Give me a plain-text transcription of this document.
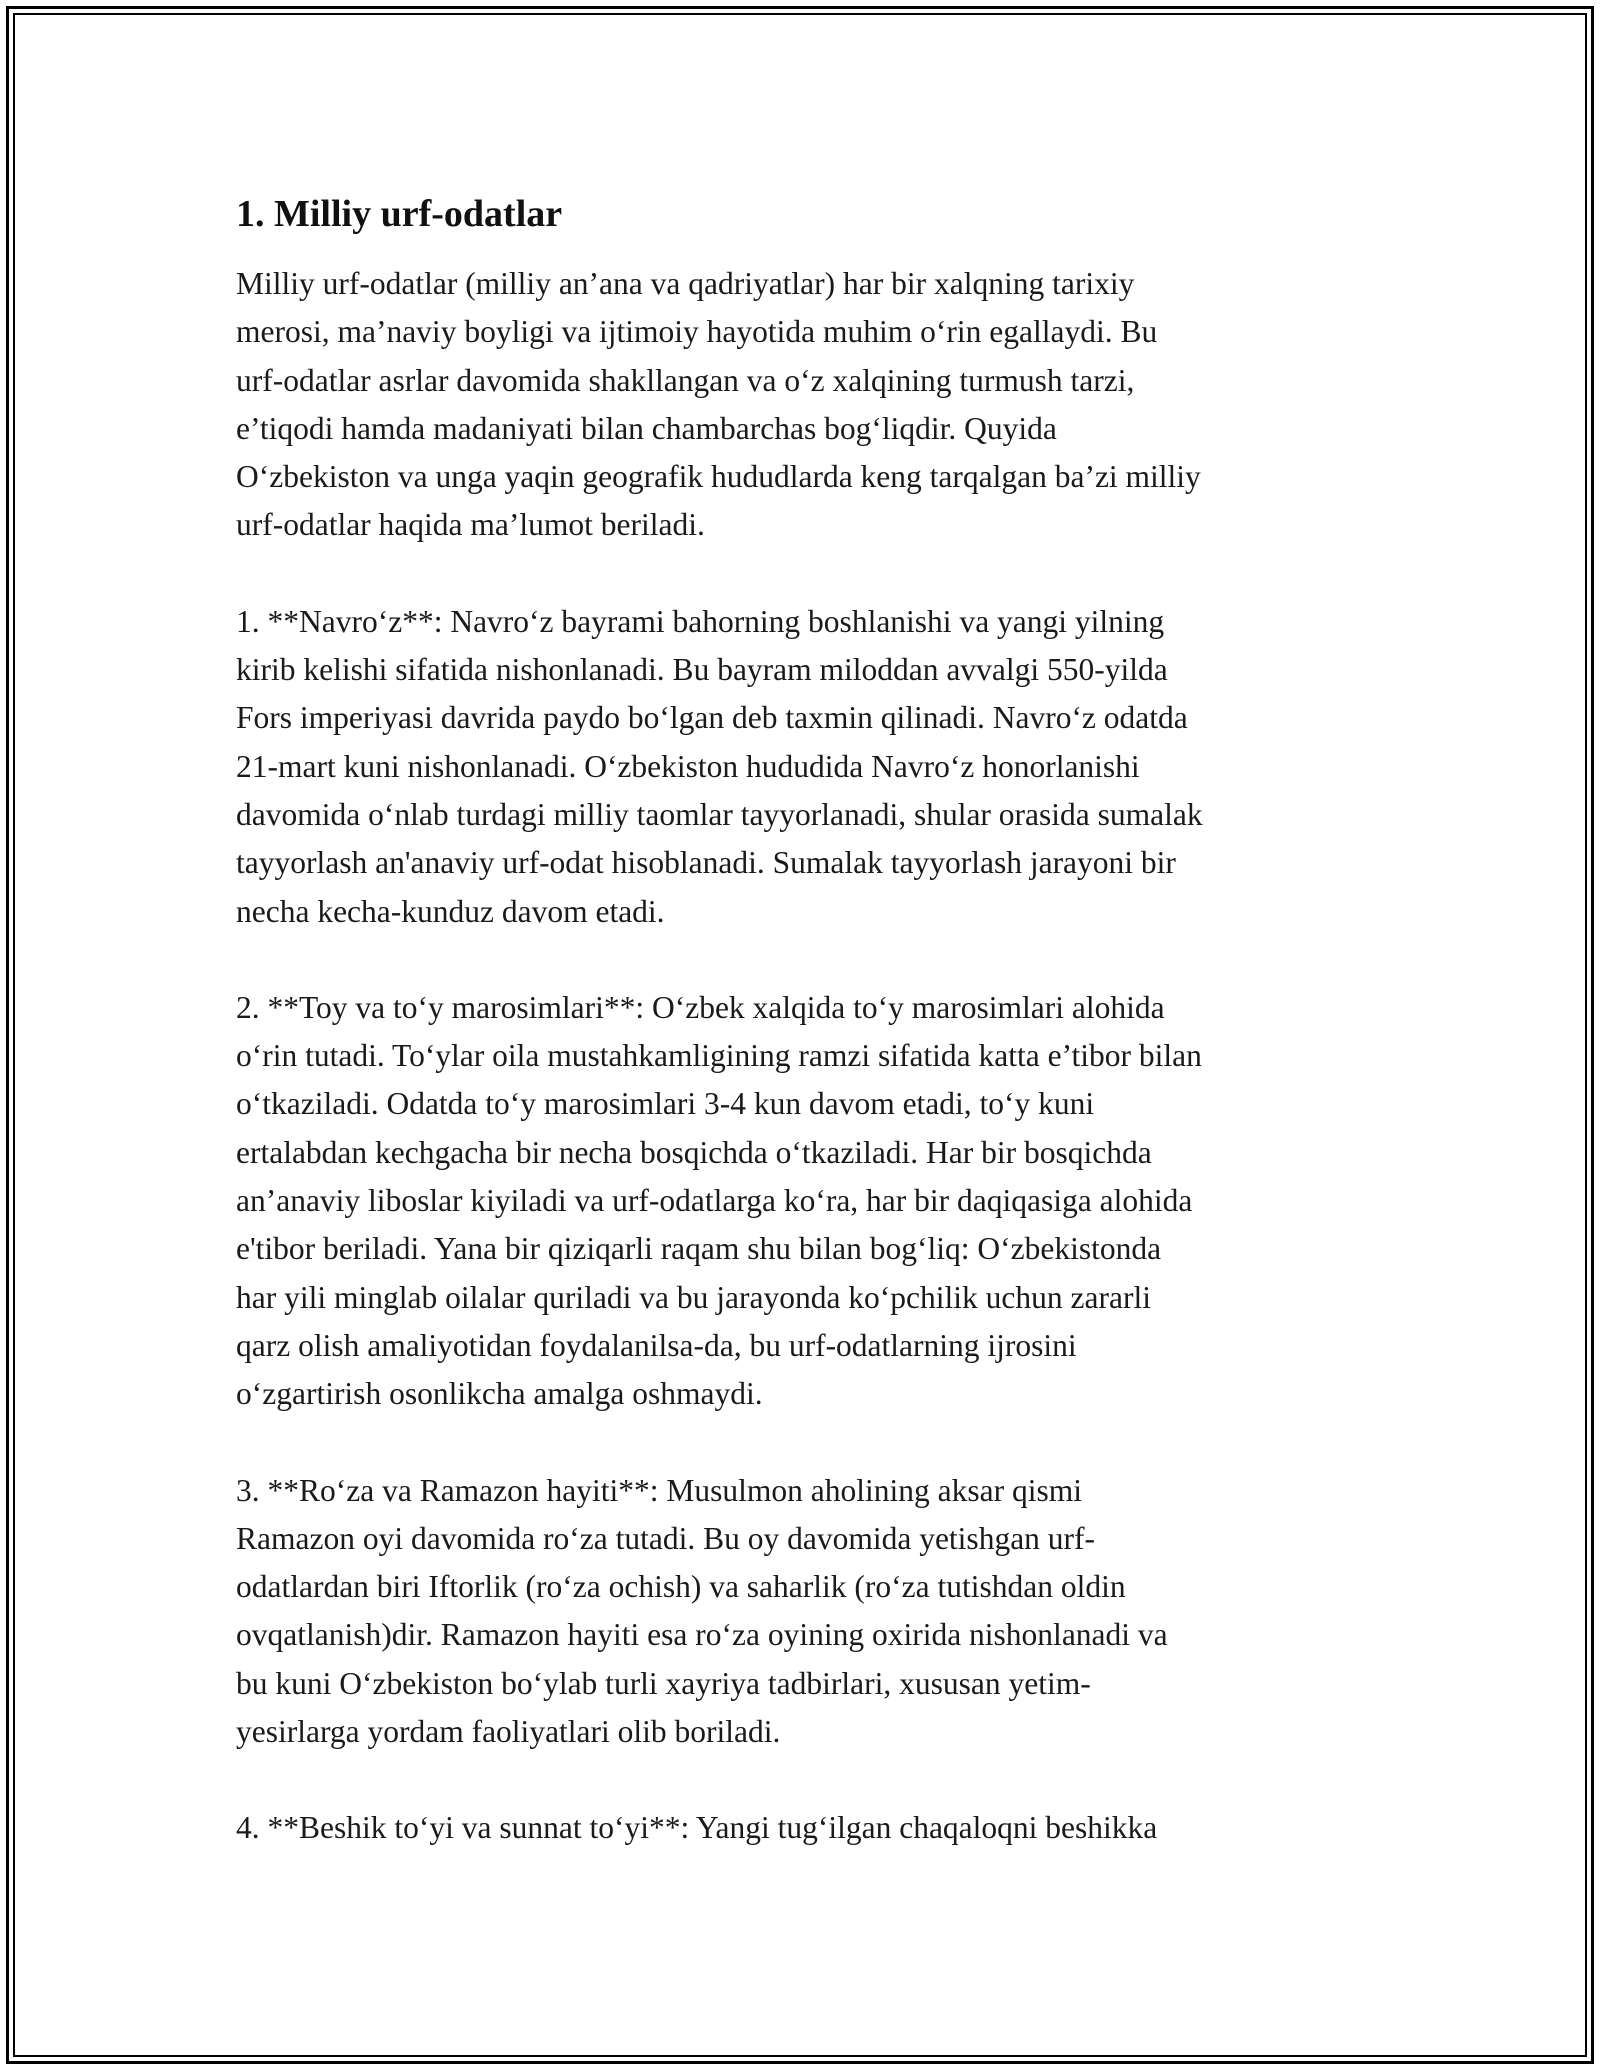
1. Milliy urf-odatlar

Milliy urf-odatlar (milliy an’ana va qadriyatlar) har bir xalqning tarixiy
merosi, ma’naviy boyligi va ijtimoiy hayotida muhim o‘rin egallaydi. Bu
urf-odatlar asrlar davomida shakllangan va o‘z xalqining turmush tarzi,
e’tiqodi hamda madaniyati bilan chambarchas bog‘liqdir. Quyida
O‘zbekiston va unga yaqin geografik hududlarda keng tarqalgan ba’zi milliy
urf-odatlar haqida ma’lumot beriladi.

1. **Navro‘z**: Navro‘z bayrami bahorning boshlanishi va yangi yilning
kirib kelishi sifatida nishonlanadi. Bu bayram miloddan avvalgi 550-yilda
Fors imperiyasi davrida paydo bo‘lgan deb taxmin qilinadi. Navro‘z odatda
21-mart kuni nishonlanadi. O‘zbekiston hududida Navro‘z honorlanishi
davomida o‘nlab turdagi milliy taomlar tayyorlanadi, shular orasida sumalak
tayyorlash an'anaviy urf-odat hisoblanadi. Sumalak tayyorlash jarayoni bir
necha kecha-kunduz davom etadi.

2. **Toy va to‘y marosimlari**: O‘zbek xalqida to‘y marosimlari alohida
o‘rin tutadi. To‘ylar oila mustahkamligining ramzi sifatida katta e’tibor bilan
o‘tkaziladi. Odatda to‘y marosimlari 3-4 kun davom etadi, to‘y kuni
ertalabdan kechgacha bir necha bosqichda o‘tkaziladi. Har bir bosqichda
an’anaviy liboslar kiyiladi va urf-odatlarga ko‘ra, har bir daqiqasiga alohida
e'tibor beriladi. Yana bir qiziqarli raqam shu bilan bog‘liq: O‘zbekistonda
har yili minglab oilalar quriladi va bu jarayonda ko‘pchilik uchun zararli
qarz olish amaliyotidan foydalanilsa-da, bu urf-odatlarning ijrosini
o‘zgartirish osonlikcha amalga oshmaydi.

3. **Ro‘za va Ramazon hayiti**: Musulmon aholining aksar qismi
Ramazon oyi davomida ro‘za tutadi. Bu oy davomida yetishgan urf-
odatlardan biri Iftorlik (ro‘za ochish) va saharlik (ro‘za tutishdan oldin
ovqatlanish)dir. Ramazon hayiti esa ro‘za oyining oxirida nishonlanadi va
bu kuni O‘zbekiston bo‘ylab turli xayriya tadbirlari, xususan yetim-
yesirlarga yordam faoliyatlari olib boriladi.

4. **Beshik to‘yi va sunnat to‘yi**: Yangi tug‘ilgan chaqaloqni beshikka
